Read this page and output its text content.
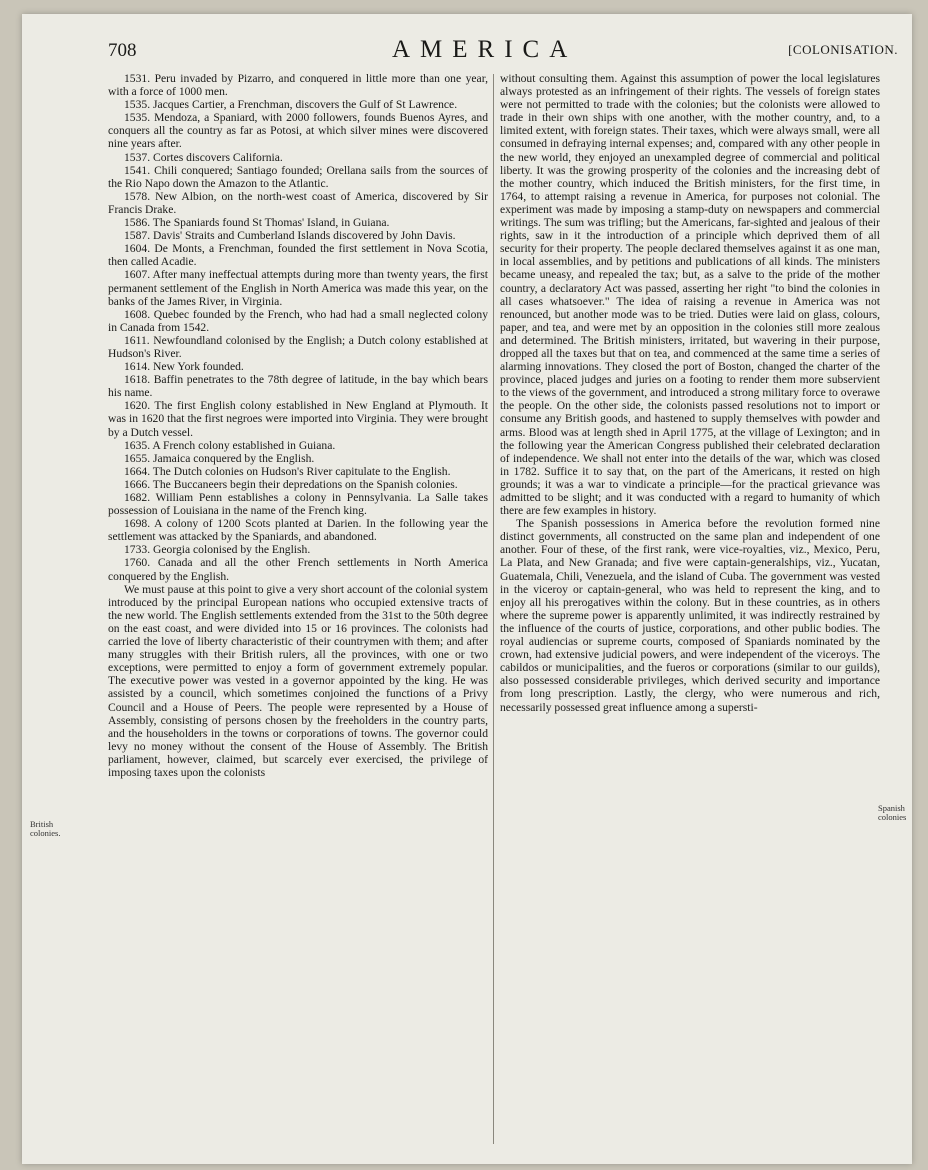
708	AMERICA	[COLONISATION.
British colonies.
Spanish colonies

1531. Peru invaded by Pizarro, and conquered in little more than one year, with a force of 1000 men.

1535. Jacques Cartier, a Frenchman, discovers the Gulf of St Lawrence.

1535. Mendoza, a Spaniard, with 2000 followers, founds Buenos Ayres, and conquers all the country as far as Potosi, at which silver mines were discovered nine years after.

1537. Cortes discovers California.

1541. Chili conquered; Santiago founded; Orellana sails from the sources of the Rio Napo down the Amazon to the Atlantic.

1578. New Albion, on the north-west coast of America, discovered by Sir Francis Drake.

1586. The Spaniards found St Thomas' Island, in Guiana.

1587. Davis' Straits and Cumberland Islands discovered by John Davis.

1604. De Monts, a Frenchman, founded the first settlement in Nova Scotia, then called Acadie.

1607. After many ineffectual attempts during more than twenty years, the first permanent settlement of the English in North America was made this year, on the banks of the James River, in Virginia.

1608. Quebec founded by the French, who had had a small neglected colony in Canada from 1542.

1611. Newfoundland colonised by the English; a Dutch colony established at Hudson's River.

1614. New York founded.

1618. Baffin penetrates to the 78th degree of latitude, in the bay which bears his name.

1620. The first English colony established in New England at Plymouth. It was in 1620 that the first negroes were imported into Virginia. They were brought by a Dutch vessel.

1635. A French colony established in Guiana.

1655. Jamaica conquered by the English.

1664. The Dutch colonies on Hudson's River capitulate to the English.

1666. The Buccaneers begin their depredations on the Spanish colonies.

1682. William Penn establishes a colony in Pennsylvania. La Salle takes possession of Louisiana in the name of the French king.

1698. A colony of 1200 Scots planted at Darien. In the following year the settlement was attacked by the Spaniards, and abandoned.

1733. Georgia colonised by the English.

1760. Canada and all the other French settlements in North America conquered by the English.

We must pause at this point to give a very short account of the colonial system introduced by the principal European nations who occupied extensive tracts of the new world. The English settlements extended from the 31st to the 50th degree on the east coast, and were divided into 15 or 16 provinces. The colonists had carried the love of liberty characteristic of their countrymen with them; and after many struggles with their British rulers, all the provinces, with one or two exceptions, were permitted to enjoy a form of government extremely popular. The executive power was vested in a governor appointed by the king. He was assisted by a council, which sometimes conjoined the functions of a Privy Council and a House of Peers. The people were represented by a House of Assembly, consisting of persons chosen by the freeholders in the country parts, and the householders in the towns or corporations of towns. The governor could levy no money without the consent of the House of Assembly. The British parliament, however, claimed, but scarcely ever exercised, the privilege of imposing taxes upon the colonists

without consulting them. Against this assumption of power the local legislatures always protested as an infringement of their rights. The vessels of foreign states were not permitted to trade with the colonies; but the colonists were allowed to trade in their own ships with one another, with the mother country, and, to a limited extent, with foreign states. Their taxes, which were always small, were all consumed in defraying internal expenses; and, compared with any other people in the new world, they enjoyed an unexampled degree of commercial and political liberty. It was the growing prosperity of the colonies and the increasing debt of the mother country, which induced the British ministers, for the first time, in 1764, to attempt raising a revenue in America, for purposes not colonial. The experiment was made by imposing a stamp-duty on newspapers and commercial writings. The sum was trifling; but the Americans, far-sighted and jealous of their rights, saw in it the introduction of a principle which deprived them of all security for their property. The people declared themselves against it as one man, in local assemblies, and by petitions and publications of all kinds. The ministers became uneasy, and repealed the tax; but, as a salve to the pride of the mother country, a declaratory Act was passed, asserting her right "to bind the colonies in all cases whatsoever." The idea of raising a revenue in America was not renounced, but another mode was to be tried. Duties were laid on glass, colours, paper, and tea, and were met by an opposition in the colonies still more zealous and determined. The British ministers, irritated, but wavering in their purpose, dropped all the taxes but that on tea, and commenced at the same time a series of alarming innovations. They closed the port of Boston, changed the charter of the province, placed judges and juries on a footing to render them more subservient to the views of the government, and introduced a strong military force to overawe the people. On the other side, the colonists passed resolutions not to import or consume any British goods, and hastened to supply themselves with powder and arms. Blood was at length shed in April 1775, at the village of Lexington; and in the following year the American Congress published their celebrated declaration of independence. We shall not enter into the details of the war, which was closed in 1782. Suffice it to say that, on the part of the Americans, it rested on high grounds; it was a war to vindicate a principle—for the practical grievance was admitted to be slight; and it was conducted with a regard to humanity of which there are few examples in history.

The Spanish possessions in America before the revolution formed nine distinct governments, all constructed on the same plan and independent of one another. Four of these, of the first rank, were vice-royalties, viz., Mexico, Peru, La Plata, and New Granada; and five were captain-generalships, viz., Yucatan, Guatemala, Chili, Venezuela, and the island of Cuba. The government was vested in the viceroy or captain-general, who was held to represent the king, and to enjoy all his prerogatives within the colony. But in these countries, as in others where the supreme power is apparently unlimited, it was indirectly restrained by the influence of the courts of justice, corporations, and other public bodies. The royal audiencias or supreme courts, composed of Spaniards nominated by the crown, had extensive judicial powers, and were independent of the viceroys. The cabildos or municipalities, and the fueros or corporations (similar to our guilds), also possessed considerable privileges, which derived security and importance from long prescription. Lastly, the clergy, who were numerous and rich, necessarily possessed great influence among a supersti-
